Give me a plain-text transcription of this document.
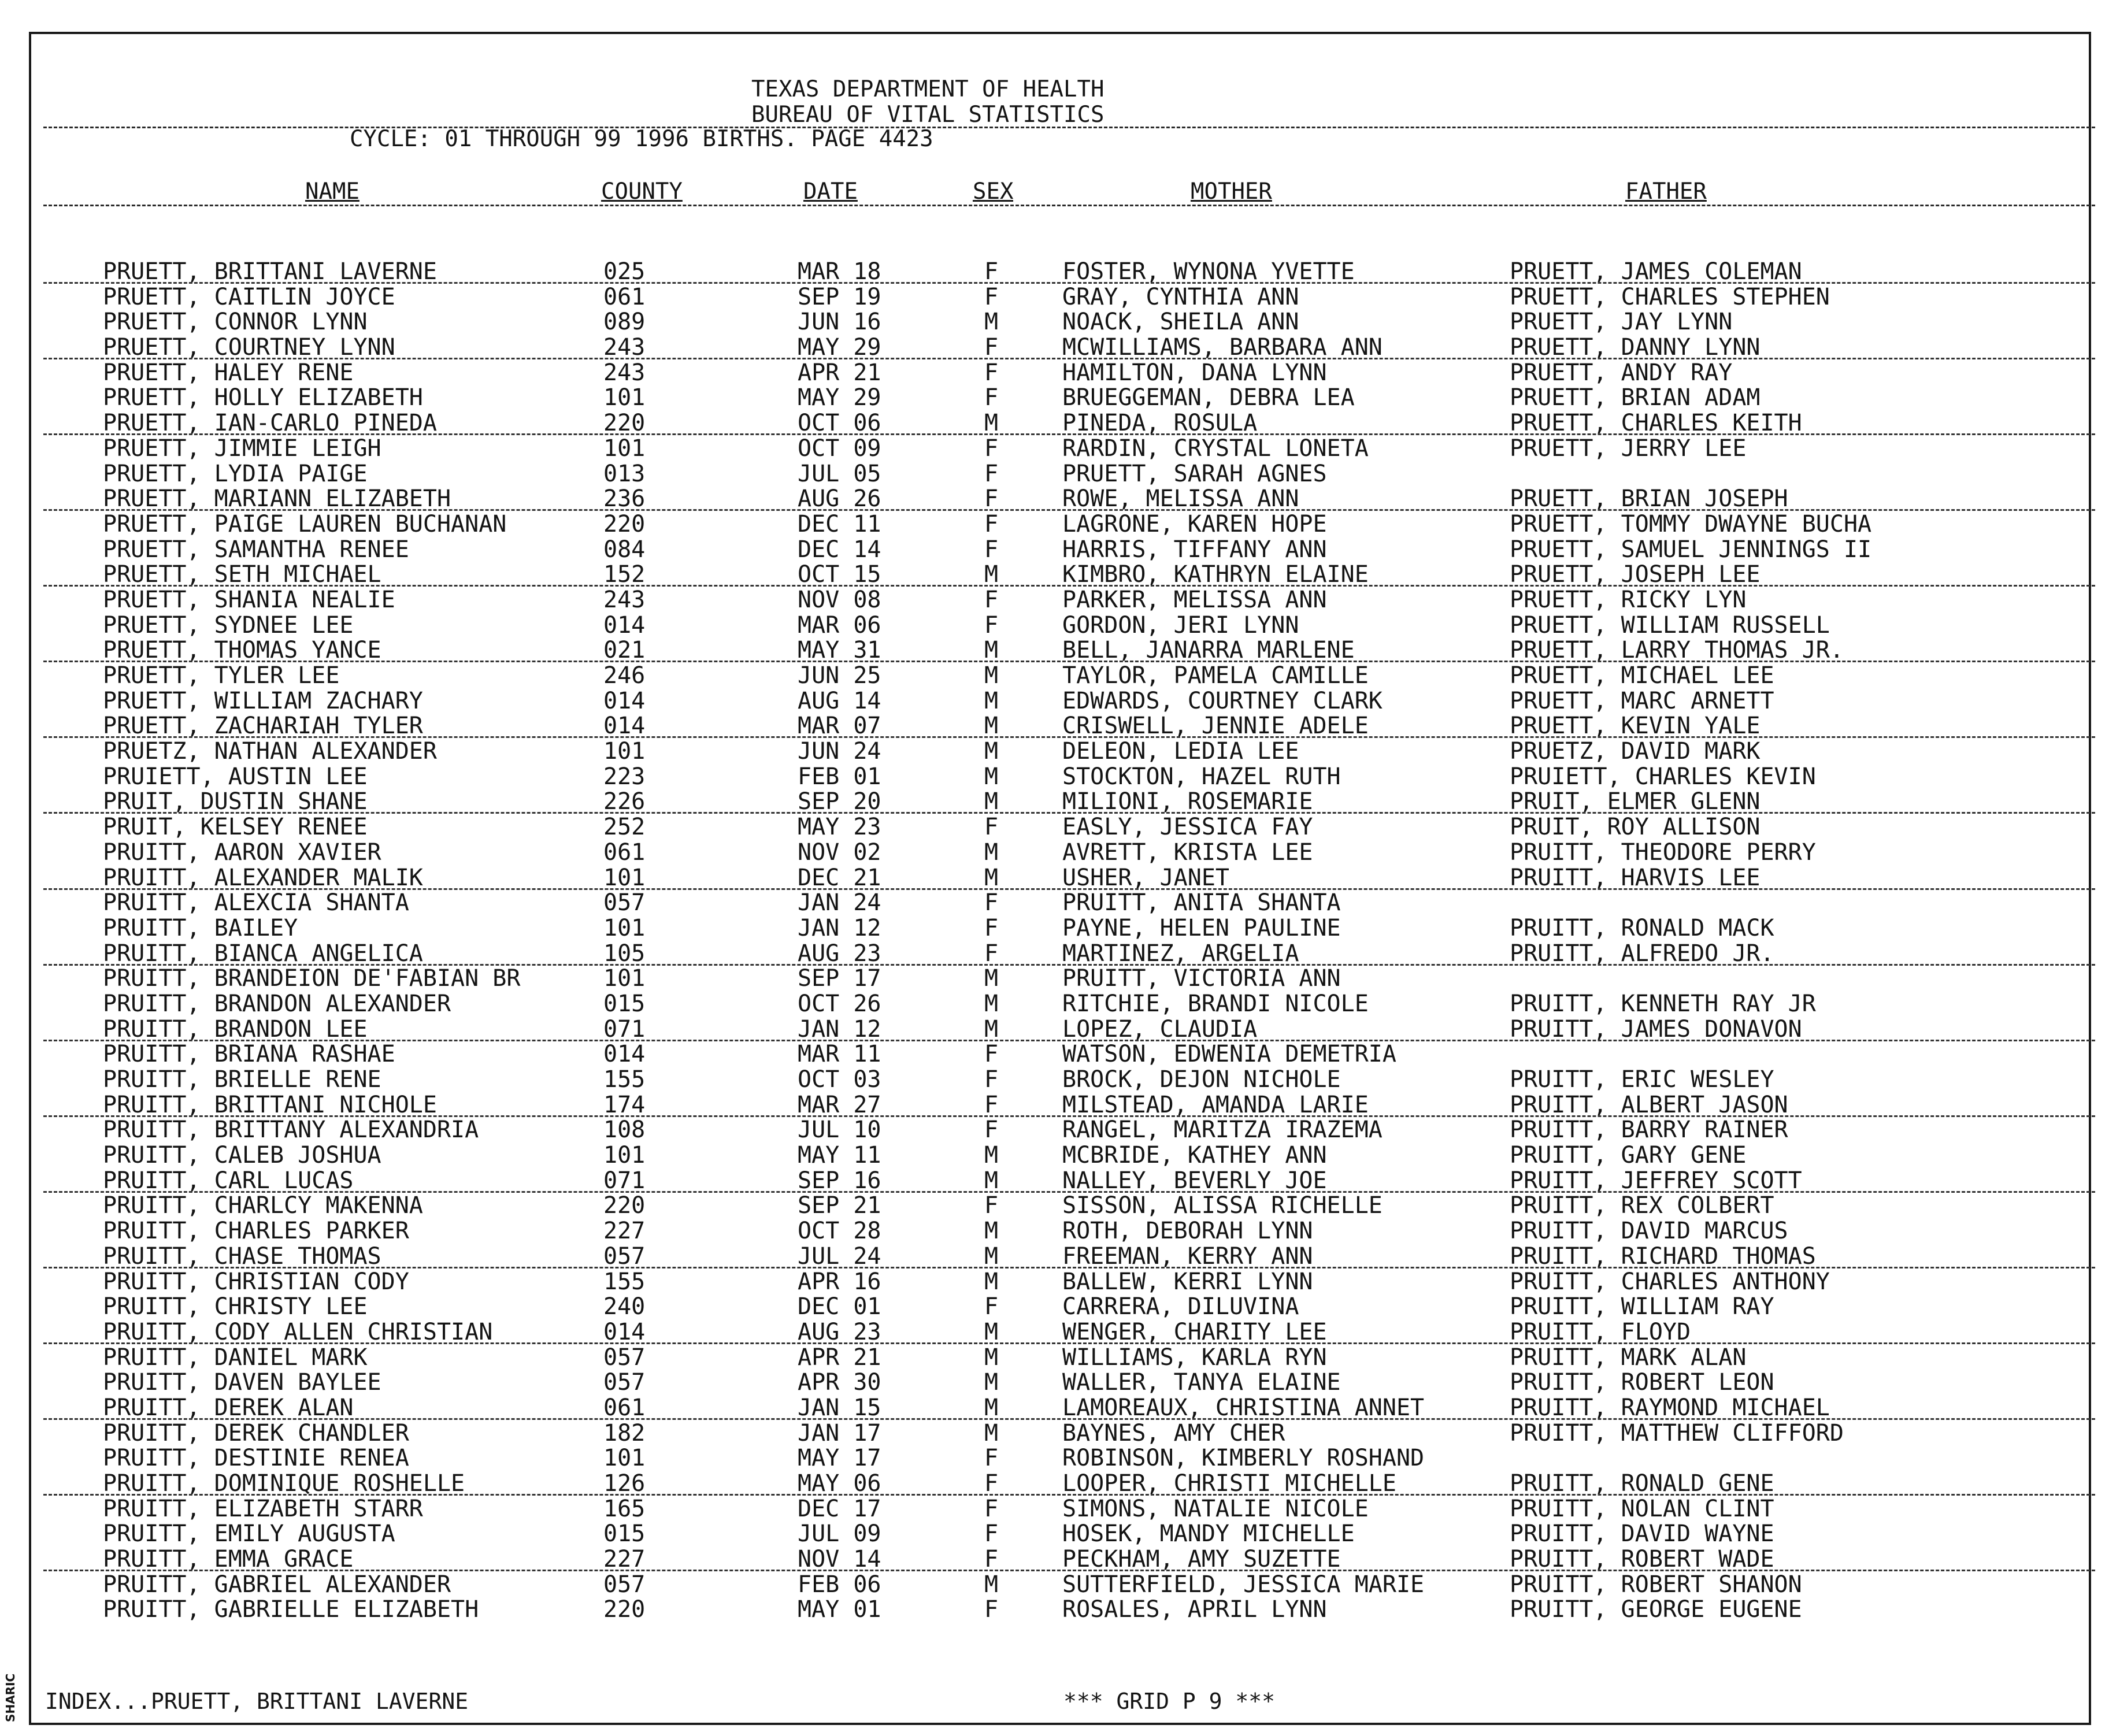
SHARIC
TEXAS DEPARTMENT OF HEALTH
BUREAU OF VITAL STATISTICS
CYCLE: 01 THROUGH 99 1996 BIRTHS. PAGE 4423
NAME	COUNTY	DATE	SEX	MOTHER	FATHER
PRUETT, BRITTANI LAVERNE	025	MAR 18	F	FOSTER, WYNONA YVETTE	PRUETT, JAMES COLEMAN
PRUETT, CAITLIN JOYCE	061	SEP 19	F	GRAY, CYNTHIA ANN	PRUETT, CHARLES STEPHEN
PRUETT, CONNOR LYNN	089	JUN 16	M	NOACK, SHEILA ANN	PRUETT, JAY LYNN
PRUETT, COURTNEY LYNN	243	MAY 29	F	MCWILLIAMS, BARBARA ANN	PRUETT, DANNY LYNN
PRUETT, HALEY RENE	243	APR 21	F	HAMILTON, DANA LYNN	PRUETT, ANDY RAY
PRUETT, HOLLY ELIZABETH	101	MAY 29	F	BRUEGGEMAN, DEBRA LEA	PRUETT, BRIAN ADAM
PRUETT, IAN-CARLO PINEDA	220	OCT 06	M	PINEDA, ROSULA	PRUETT, CHARLES KEITH
PRUETT, JIMMIE LEIGH	101	OCT 09	F	RARDIN, CRYSTAL LONETA	PRUETT, JERRY LEE
PRUETT, LYDIA PAIGE	013	JUL 05	F	PRUETT, SARAH AGNES
PRUETT, MARIANN ELIZABETH	236	AUG 26	F	ROWE, MELISSA ANN	PRUETT, BRIAN JOSEPH
PRUETT, PAIGE LAUREN BUCHANAN	220	DEC 11	F	LAGRONE, KAREN HOPE	PRUETT, TOMMY DWAYNE BUCHA
PRUETT, SAMANTHA RENEE	084	DEC 14	F	HARRIS, TIFFANY ANN	PRUETT, SAMUEL JENNINGS II
PRUETT, SETH MICHAEL	152	OCT 15	M	KIMBRO, KATHRYN ELAINE	PRUETT, JOSEPH LEE
PRUETT, SHANIA NEALIE	243	NOV 08	F	PARKER, MELISSA ANN	PRUETT, RICKY LYN
PRUETT, SYDNEE LEE	014	MAR 06	F	GORDON, JERI LYNN	PRUETT, WILLIAM RUSSELL
PRUETT, THOMAS YANCE	021	MAY 31	M	BELL, JANARRA MARLENE	PRUETT, LARRY THOMAS JR.
PRUETT, TYLER LEE	246	JUN 25	M	TAYLOR, PAMELA CAMILLE	PRUETT, MICHAEL LEE
PRUETT, WILLIAM ZACHARY	014	AUG 14	M	EDWARDS, COURTNEY CLARK	PRUETT, MARC ARNETT
PRUETT, ZACHARIAH TYLER	014	MAR 07	M	CRISWELL, JENNIE ADELE	PRUETT, KEVIN YALE
PRUETZ, NATHAN ALEXANDER	101	JUN 24	M	DELEON, LEDIA LEE	PRUETZ, DAVID MARK
PRUIETT, AUSTIN LEE	223	FEB 01	M	STOCKTON, HAZEL RUTH	PRUIETT, CHARLES KEVIN
PRUIT, DUSTIN SHANE	226	SEP 20	M	MILIONI, ROSEMARIE	PRUIT, ELMER GLENN
PRUIT, KELSEY RENEE	252	MAY 23	F	EASLY, JESSICA FAY	PRUIT, ROY ALLISON
PRUITT, AARON XAVIER	061	NOV 02	M	AVRETT, KRISTA LEE	PRUITT, THEODORE PERRY
PRUITT, ALEXANDER MALIK	101	DEC 21	M	USHER, JANET	PRUITT, HARVIS LEE
PRUITT, ALEXCIA SHANTA	057	JAN 24	F	PRUITT, ANITA SHANTA
PRUITT, BAILEY	101	JAN 12	F	PAYNE, HELEN PAULINE	PRUITT, RONALD MACK
PRUITT, BIANCA ANGELICA	105	AUG 23	F	MARTINEZ, ARGELIA	PRUITT, ALFREDO JR.
PRUITT, BRANDEION DE'FABIAN BR	101	SEP 17	M	PRUITT, VICTORIA ANN
PRUITT, BRANDON ALEXANDER	015	OCT 26	M	RITCHIE, BRANDI NICOLE	PRUITT, KENNETH RAY JR
PRUITT, BRANDON LEE	071	JAN 12	M	LOPEZ, CLAUDIA	PRUITT, JAMES DONAVON
PRUITT, BRIANA RASHAE	014	MAR 11	F	WATSON, EDWENIA DEMETRIA
PRUITT, BRIELLE RENE	155	OCT 03	F	BROCK, DEJON NICHOLE	PRUITT, ERIC WESLEY
PRUITT, BRITTANI NICHOLE	174	MAR 27	F	MILSTEAD, AMANDA LARIE	PRUITT, ALBERT JASON
PRUITT, BRITTANY ALEXANDRIA	108	JUL 10	F	RANGEL, MARITZA IRAZEMA	PRUITT, BARRY RAINER
PRUITT, CALEB JOSHUA	101	MAY 11	M	MCBRIDE, KATHEY ANN	PRUITT, GARY GENE
PRUITT, CARL LUCAS	071	SEP 16	M	NALLEY, BEVERLY JOE	PRUITT, JEFFREY SCOTT
PRUITT, CHARLCY MAKENNA	220	SEP 21	F	SISSON, ALISSA RICHELLE	PRUITT, REX COLBERT
PRUITT, CHARLES PARKER	227	OCT 28	M	ROTH, DEBORAH LYNN	PRUITT, DAVID MARCUS
PRUITT, CHASE THOMAS	057	JUL 24	M	FREEMAN, KERRY ANN	PRUITT, RICHARD THOMAS
PRUITT, CHRISTIAN CODY	155	APR 16	M	BALLEW, KERRI LYNN	PRUITT, CHARLES ANTHONY
PRUITT, CHRISTY LEE	240	DEC 01	F	CARRERA, DILUVINA	PRUITT, WILLIAM RAY
PRUITT, CODY ALLEN CHRISTIAN	014	AUG 23	M	WENGER, CHARITY LEE	PRUITT, FLOYD
PRUITT, DANIEL MARK	057	APR 21	M	WILLIAMS, KARLA RYN	PRUITT, MARK ALAN
PRUITT, DAVEN BAYLEE	057	APR 30	M	WALLER, TANYA ELAINE	PRUITT, ROBERT LEON
PRUITT, DEREK ALAN	061	JAN 15	M	LAMOREAUX, CHRISTINA ANNET	PRUITT, RAYMOND MICHAEL
PRUITT, DEREK CHANDLER	182	JAN 17	M	BAYNES, AMY CHER	PRUITT, MATTHEW CLIFFORD
PRUITT, DESTINIE RENEA	101	MAY 17	F	ROBINSON, KIMBERLY ROSHAND
PRUITT, DOMINIQUE ROSHELLE	126	MAY 06	F	LOOPER, CHRISTI MICHELLE	PRUITT, RONALD GENE
PRUITT, ELIZABETH STARR	165	DEC 17	F	SIMONS, NATALIE NICOLE	PRUITT, NOLAN CLINT
PRUITT, EMILY AUGUSTA	015	JUL 09	F	HOSEK, MANDY MICHELLE	PRUITT, DAVID WAYNE
PRUITT, EMMA GRACE	227	NOV 14	F	PECKHAM, AMY SUZETTE	PRUITT, ROBERT WADE
PRUITT, GABRIEL ALEXANDER	057	FEB 06	M	SUTTERFIELD, JESSICA MARIE	PRUITT, ROBERT SHANON
PRUITT, GABRIELLE ELIZABETH	220	MAY 01	F	ROSALES, APRIL LYNN	PRUITT, GEORGE EUGENE
INDEX...PRUETT, BRITTANI LAVERNE	*** GRID P 9 ***
